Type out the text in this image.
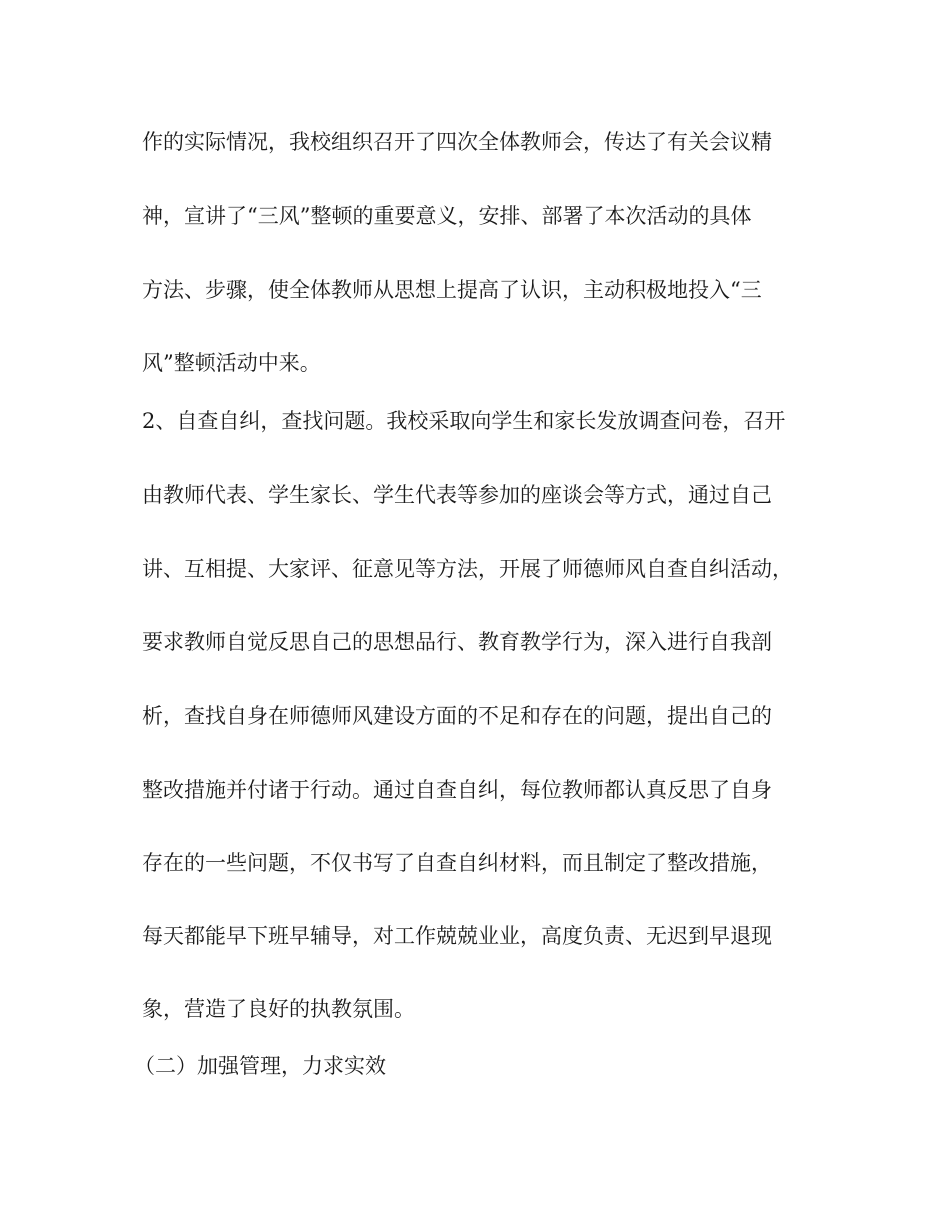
作的实际情况，我校组织召开了四次全体教师会，传达了有关会议精
神，宣讲了“三风”整顿的重要意义，安排、部署了本次活动的具体
方法、步骤，使全体教师从思想上提高了认识，主动积极地投入“三
风”整顿活动中来。
2、自查自纠，查找问题。我校采取向学生和家长发放调查问卷，召开
由教师代表、学生家长、学生代表等参加的座谈会等方式，通过自己
讲、互相提、大家评、征意见等方法，开展了师德师风自查自纠活动，
要求教师自觉反思自己的思想品行、教育教学行为，深入进行自我剖
析，查找自身在师德师风建设方面的不足和存在的问题，提出自己的
整改措施并付诸于行动。通过自查自纠，每位教师都认真反思了自身
存在的一些问题，不仅书写了自查自纠材料，而且制定了整改措施，
每天都能早下班早辅导，对工作兢兢业业，高度负责、无迟到早退现
象，营造了良好的执教氛围。
（二）加强管理，力求实效
